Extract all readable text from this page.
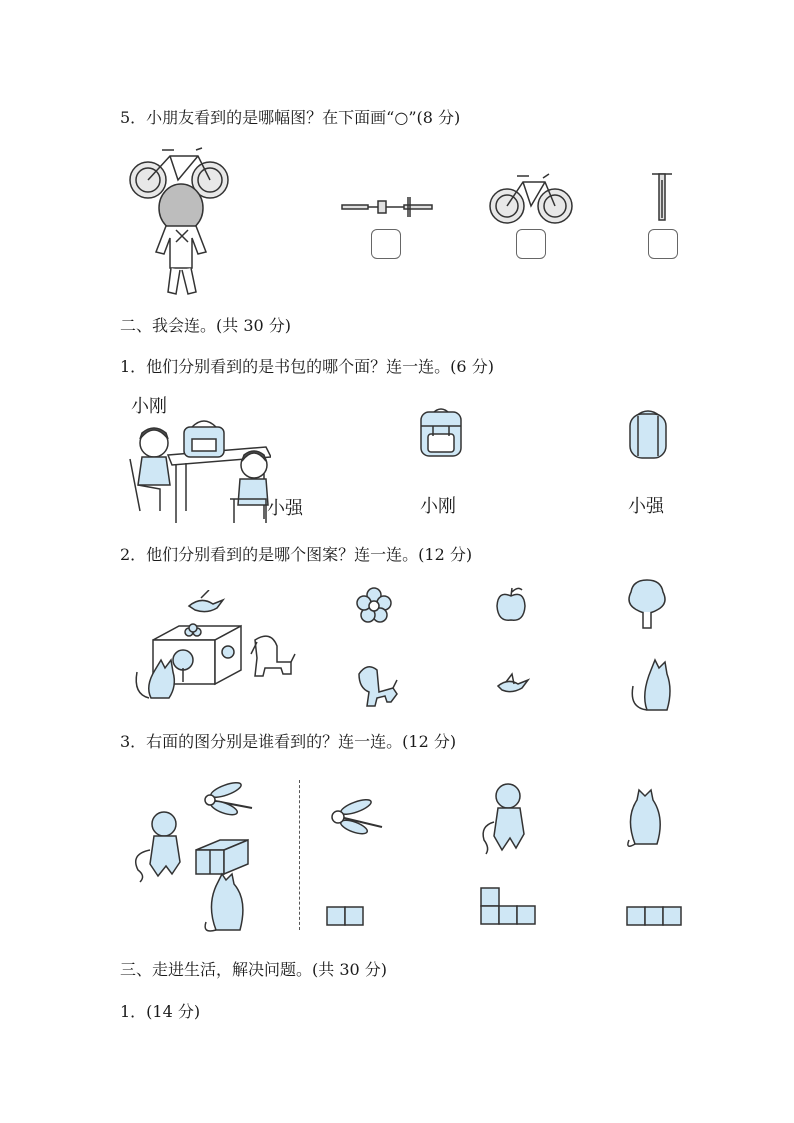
5．小朋友看到的是哪幅图？在下面画“○”(8 分)
二、我会连。(共 30 分)
1．他们分别看到的是书包的哪个面？连一连。(6 分)
小刚
小强	小刚	小强
2．他们分别看到的是哪个图案？连一连。(12 分)
3．右面的图分别是谁看到的？连一连。(12 分)
三、走进生活，解决问题。(共 30 分)
1．(14 分)
